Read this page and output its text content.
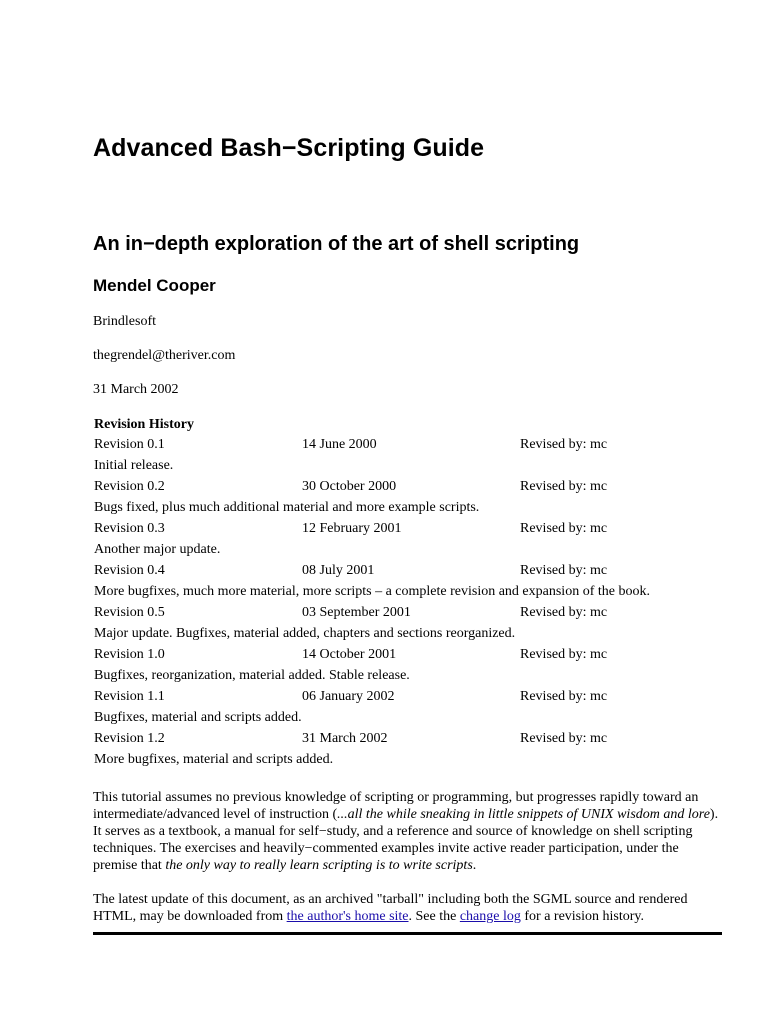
Advanced Bash−Scripting Guide
An in−depth exploration of the art of shell scripting
Mendel Cooper
Brindlesoft
thegrendel@theriver.com
31 March 2002
Revision History
Revision 0.1	14 June 2000	Revised by: mc
Initial release.
Revision 0.2	30 October 2000	Revised by: mc
Bugs fixed, plus much additional material and more example scripts.
Revision 0.3	12 February 2001	Revised by: mc
Another major update.
Revision 0.4	08 July 2001	Revised by: mc
More bugfixes, much more material, more scripts – a complete revision and expansion of the book.
Revision 0.5	03 September 2001	Revised by: mc
Major update. Bugfixes, material added, chapters and sections reorganized.
Revision 1.0	14 October 2001	Revised by: mc
Bugfixes, reorganization, material added. Stable release.
Revision 1.1	06 January 2002	Revised by: mc
Bugfixes, material and scripts added.
Revision 1.2	31 March 2002	Revised by: mc
More bugfixes, material and scripts added.
This tutorial assumes no previous knowledge of scripting or programming, but progresses rapidly toward an intermediate/advanced level of instruction (...all the while sneaking in little snippets of UNIX wisdom and lore). It serves as a textbook, a manual for self−study, and a reference and source of knowledge on shell scripting techniques. The exercises and heavily−commented examples invite active reader participation, under the premise that the only way to really learn scripting is to write scripts.
The latest update of this document, as an archived "tarball" including both the SGML source and rendered HTML, may be downloaded from the author's home site. See the change log for a revision history.
